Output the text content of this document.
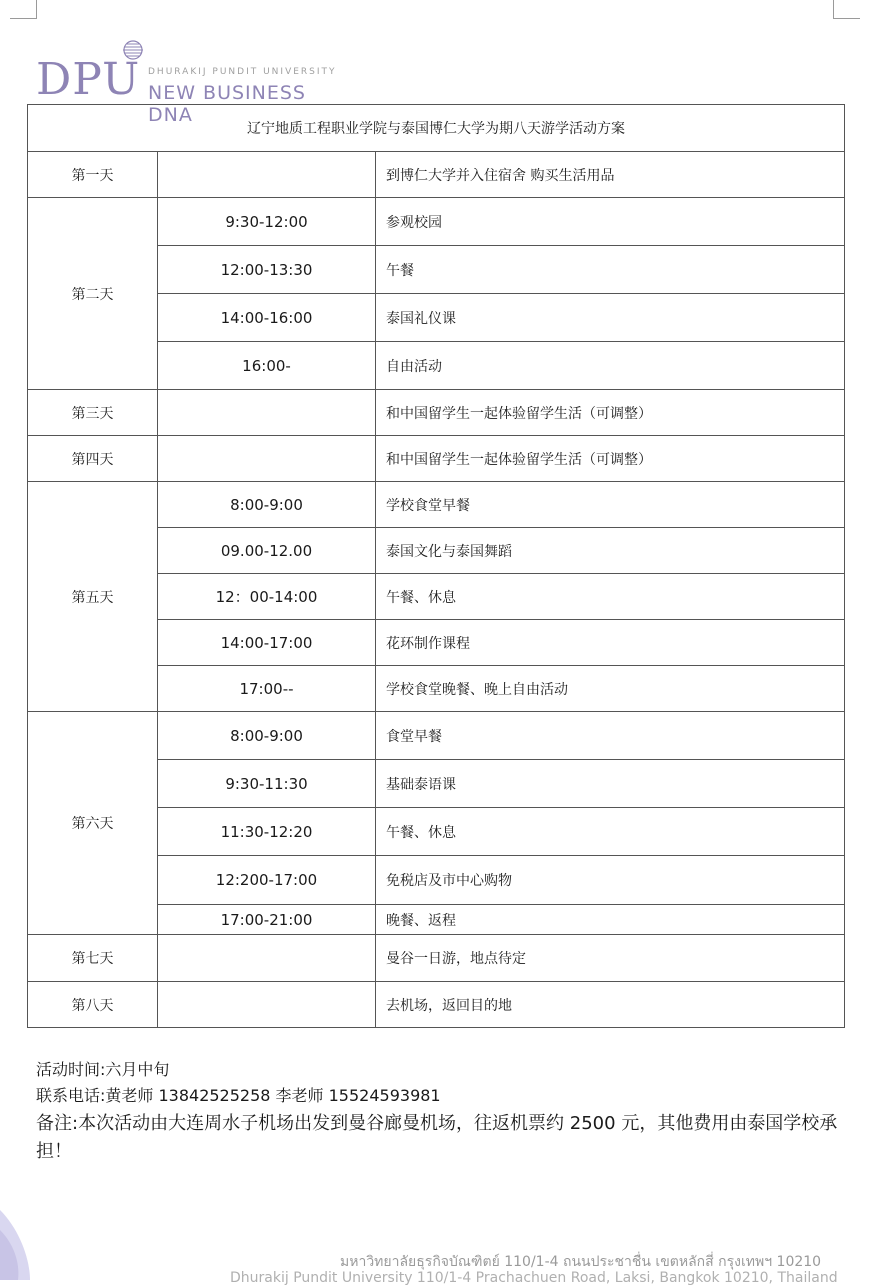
DPU DHURAKIJ PUNDIT UNIVERSITY
NEW BUSINESS DNA
辽宁地质工程职业学院与泰国博仁大学为期八天游学活动方案		
第一天		到博仁大学并入住宿舍 购买生活用品
第二天	9:30-12:00	参观校园
	12:00-13:30	午餐
	14:00-16:00	泰国礼仪课
	16:00-	自由活动
第三天		和中国留学生一起体验留学生活（可调整）
第四天		和中国留学生一起体验留学生活（可调整）
第五天	8:00-9:00	学校食堂早餐
	09.00-12.00	泰国文化与泰国舞蹈
	12：00-14:00	午餐、休息
	14:00-17:00	花环制作课程
	17:00--	学校食堂晚餐、晚上自由活动
第六天	8:00-9:00	食堂早餐
	9:30-11:30	基础泰语课
	11:30-12:20	午餐、休息
	12:200-17:00	免税店及市中心购物
	17:00-21:00	晚餐、返程
第七天		曼谷一日游，地点待定
第八天		去机场，返回目的地
活动时间:六月中旬
联系电话:黄老师 13842525258 李老师 15524593981
备注:本次活动由大连周水子机场出发到曼谷廊曼机场，往返机票约 2500 元，其他费用由泰国学校承担！
มหาวิทยาลัยธุรกิจบัณฑิตย์ 110/1-4 ถนนประชาชื่น เขตหลักสี่ กรุงเทพฯ 10210
Dhurakij Pundit University 110/1-4 Prachachuen Road, Laksi, Bangkok 10210, Thailand
